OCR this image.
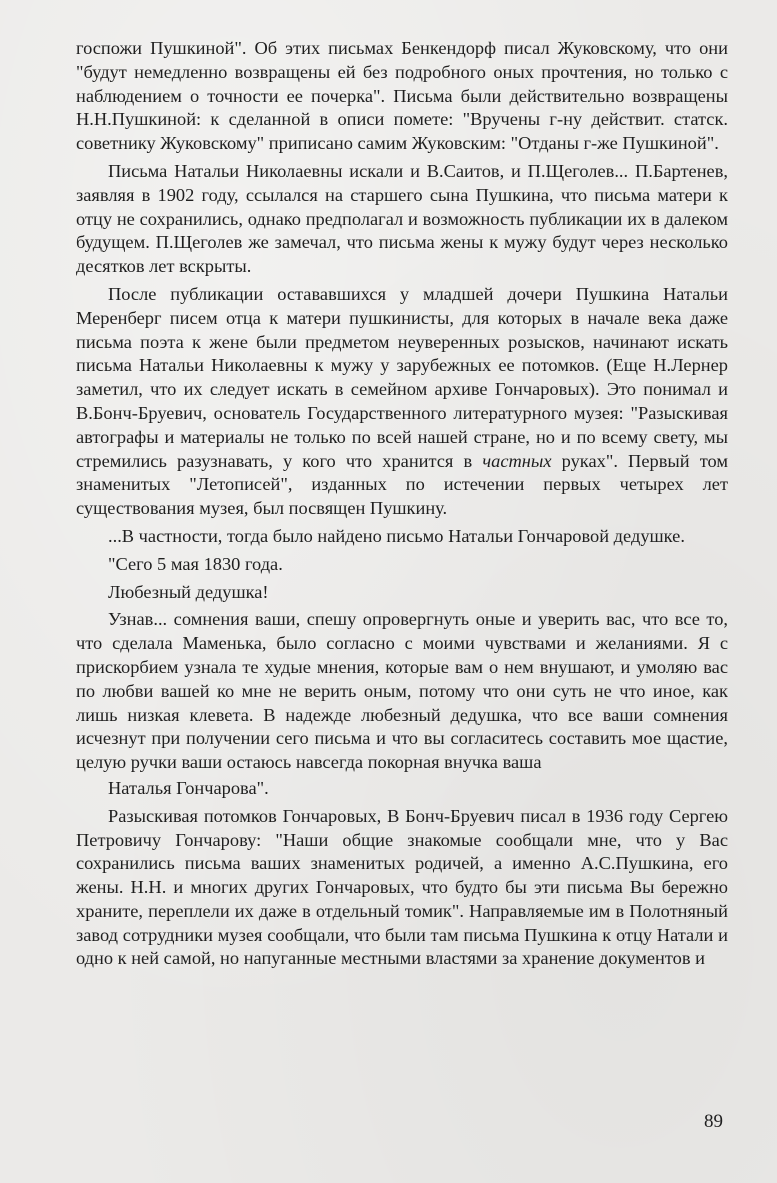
госпожи Пушкиной". Об этих письмах Бенкендорф писал Жуковскому, что они "будут немедленно возвращены ей без подробного оных прочтения, но только с наблюдением о точности ее почерка". Письма были действительно возвращены Н.Н.Пушкиной: к сделанной в описи помете: "Вручены г-ну действит. статск. советнику Жуковскому" приписано самим Жуковским: "Отданы г-же Пушкиной".

Письма Натальи Николаевны искали и В.Саитов, и П.Щеголев... П.Бартенев, заявляя в 1902 году, ссылался на старшего сына Пушкина, что письма матери к отцу не сохранились, однако предполагал и возможность публикации их в далеком будущем. П.Щеголев же замечал, что письма жены к мужу будут через несколько десятков лет вскрыты.

После публикации остававшихся у младшей дочери Пушкина Натальи Меренберг писем отца к матери пушкинисты, для которых в начале века даже письма поэта к жене были предметом неуверенных розысков, начинают искать письма Натальи Николаевны к мужу у зарубежных ее потомков. (Еще Н.Лернер заметил, что их следует искать в семейном архиве Гончаровых). Это понимал и В.Бонч-Бруевич, основатель Государственного литературного музея: "Разыскивая автографы и материалы не только по всей нашей стране, но и по всему свету, мы стремились разузнавать, у кого что хранится в частных руках". Первый том знаменитых "Летописей", изданных по истечении первых четырех лет существования музея, был посвящен Пушкину.

...В частности, тогда было найдено письмо Натальи Гончаровой дедушке.

"Сего 5 мая 1830 года.

Любезный дедушка!

Узнав... сомнения ваши, спешу опровергнуть оные и уверить вас, что все то, что сделала Маменька, было согласно с моими чувствами и желаниями. Я с прискорбием узнала те худые мнения, которые вам о нем внушают, и умоляю вас по любви вашей ко мне не верить оным, потому что они суть не что иное, как лишь низкая клевета. В надежде любезный дедушка, что все ваши сомнения исчезнут при получении сего письма и что вы согласитесь составить мое щастие, целую ручки ваши остаюсь навсегда покорная внучка ваша

Наталья Гончарова".

Разыскивая потомков Гончаровых, В Бонч-Бруевич писал в 1936 году Сергею Петровичу Гончарову: "Наши общие знакомые сообщали мне, что у Вас сохранились письма ваших знаменитых родичей, а именно А.С.Пушкина, его жены. Н.Н. и многих других Гончаровых, что будто бы эти письма Вы бережно храните, переплели их даже в отдельный томик". Направляемые им в Полотняный завод сотрудники музея сообщали, что были там письма Пушкина к отцу Натали и одно к ней самой, но напуганные местными властями за хранение документов и

89
